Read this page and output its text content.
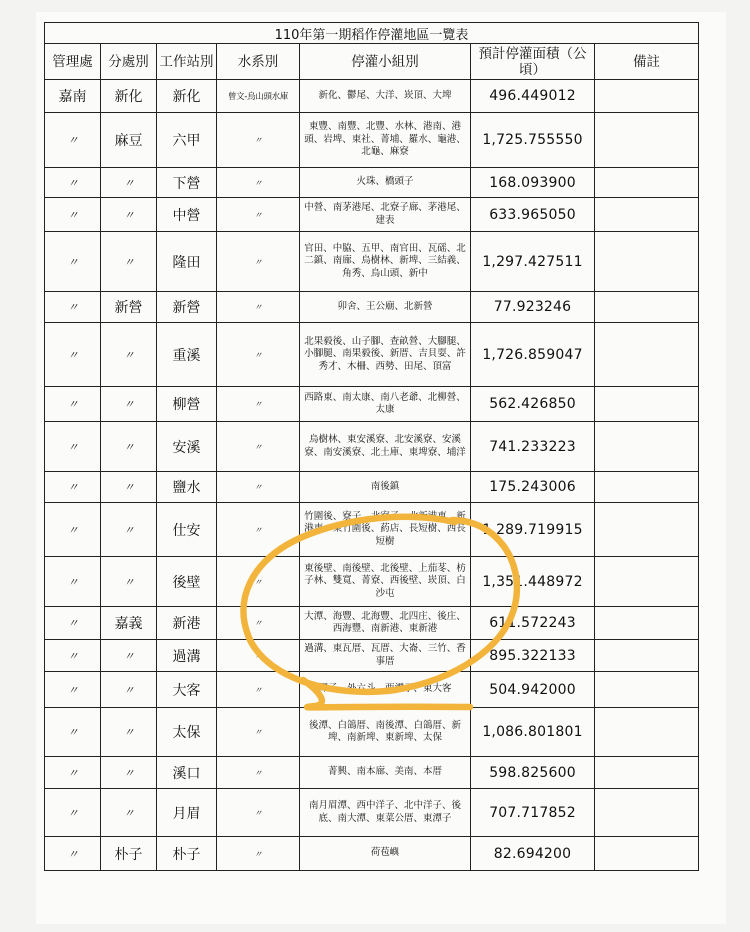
110年第一期稻作停灌地區一覽表						
管理處	分處別	工作站別	水系別	停灌小組別	預計停灌面積（公頃）	備註
嘉南	新化	新化	曾文-烏山頭水庫	新化、鬱尾、大洋、崁頂、大埤	496.449012	
〃	麻豆	六甲	〃	東豐、南豐、北豐、水林、港南、港頭、岩埤、東社、菁埔、羅水、龜港、北龜、麻寮	1,725.755550	
〃	〃	下營	〃	火珠、橋頭子	168.093900	
〃	〃	中營	〃	中營、南茅港尾、北寮子廍、茅港尾、建表	633.965050	
〃	〃	隆田	〃	官田、中脇、五甲、南官田、瓦磘、北二鎮、南廍、烏樹林、新埤、三結義、角秀、烏山頭、新中	1,297.427511	
〃	新營	新營	〃	卯舍、王公廟、北新營	77.923246	
〃	〃	重溪	〃	北果毅後、山子腳、查畝營、大腳腿、小腳腿、南果毅後、新厝、吉貝耍、許秀才、木柵、西勢、田尾、頂富	1,726.859047	
〃	〃	柳營	〃	西路東、南太康、南八老爺、北柳營、太康	562.426850	
〃	〃	安溪	〃	烏樹林、東安溪寮、北安溪寮、安溪寮、南安溪寮、北土庫、東埤寮、埔洋	741.233223	
〃	〃	鹽水	〃	南後鎮	175.243006	
〃	〃	仕安	〃	竹圍後、寮子、北寮子、北新港東、新港東、東竹圍後、葯店、長短樹、西長短樹	1,289.719915	
〃	〃	後壁	〃	東後壁、南後壁、北後壁、上茄苳、枋子林、雙寬、菁寮、西後壁、崁頂、白沙屯	1,351.448972	
〃	嘉義	新港	〃	大潭、海豐、北海豐、北四庄、後庄、西海豐、南新港、東新港	611.572243	
〃	〃	過溝	〃	過溝、東瓦厝、瓦厝、大崙、三竹、香事厝	895.322133	
〃	〃	大客	〃	潭子、外六斗、西潭子、東大客	504.942000	
〃	〃	太保	〃	後潭、白鴿厝、南後潭、白鴿厝、新埤、南新埤、東新埤、太保	1,086.801801	
〃	〃	溪口	〃	菁興、南本廍、美南、本厝	598.825600	
〃	〃	月眉	〃	南月眉潭、西中洋子、北中洋子、後底、南大潭、東菜公厝、東潭子	707.717852	
〃	朴子	朴子	〃	荷苞嶼	82.694200	
